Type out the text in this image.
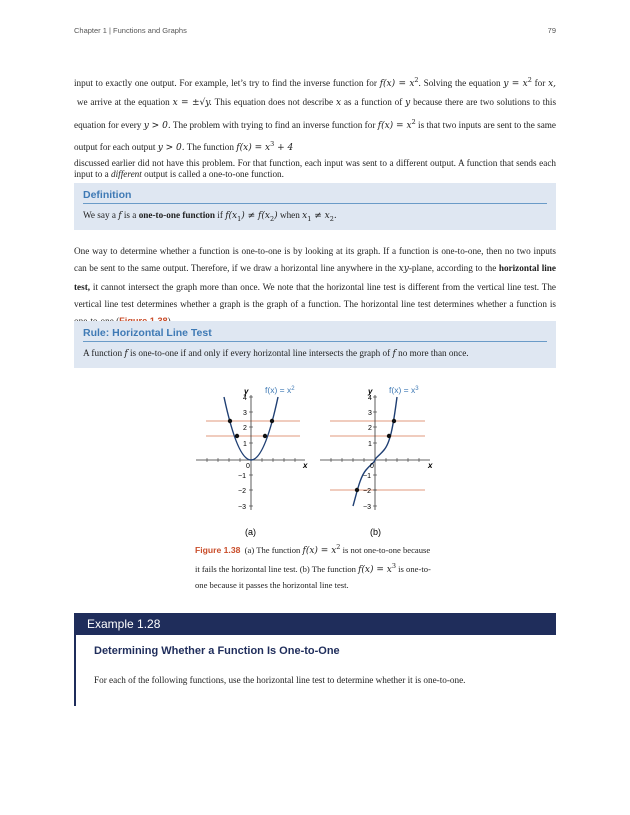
Chapter 1 | Functions and Graphs	79

input to exactly one output. For example, let’s try to find the inverse function for $f(x) = x^2$. Solving the equation $y = x^2$ for x,  we arrive at the equation x = ±√y. This equation does not describe x as a function of y because there are two solutions to this equation for every y > 0. The problem with trying to find an inverse function for $f(x) = x^2$ is that two inputs are sent to the same output for each output y > 0. The function $f(x) = x^3 + 4$
discussed earlier did not have this problem. For that function, each input was sent to a different output. A function that sends each input to a different output is called a one-to-one function.

Definition
We say a f is a one-to-one function if $f(x_1) \ne f(x_2)$ when $x_1 \ne x_2$.

One way to determine whether a function is one-to-one is by looking at its graph. If a function is one-to-one, then no two inputs can be sent to the same output. Therefore, if we draw a horizontal line anywhere in the xy-plane, according to the horizontal line test, it cannot intersect the graph more than once. We note that the horizontal line test is different from the vertical line test. The vertical line test determines whether a graph is the graph of a function. The horizontal line test determines whether a function is

Rule: Horizontal Line Test
A function f is one-to-one if and only if every horizontal line intersects the graph of f no more than once.
y
x
4
3
2
1
0
−1
−2
−3
$f(x) = x^2$
(a)
y
x
4
3
2
1
0
−1
−2
−3
$f(x) = x^3$
(b)
Figure 1.38 (a) The function $f(x) = x^2$ is not one-to-one because it fails the horizontal line test. (b) The function $f(x) = x^3$ is one-to-one because it passes the horizontal line test.
Example 1.28
Determining Whether a Function Is One-to-One
For each of the following functions, use the horizontal line test to determine whether it is one-to-one.
